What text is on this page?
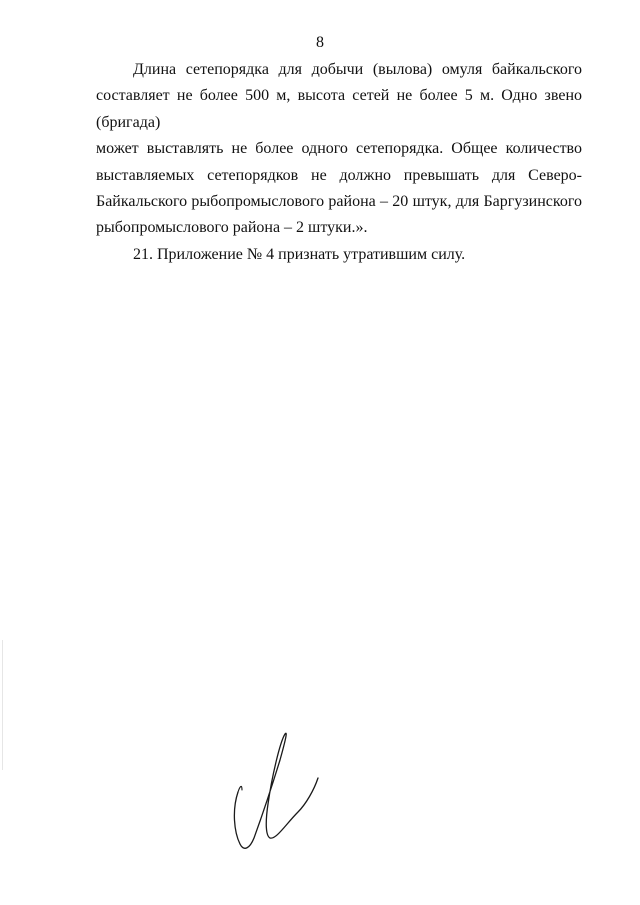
8

Длина сетепорядка для добычи (вылова) омуля байкальского
составляет не более 500 м, высота сетей не более 5 м. Одно звено (бригада)
может выставлять не более одного сетепорядка. Общее количество
выставляемых сетепорядков не должно превышать для Северо-
Байкальского рыбопромыслового района – 20 штук, для Баргузинского
рыбопромыслового района – 2 штуки.».

21. Приложение № 4 признать утратившим силу.
